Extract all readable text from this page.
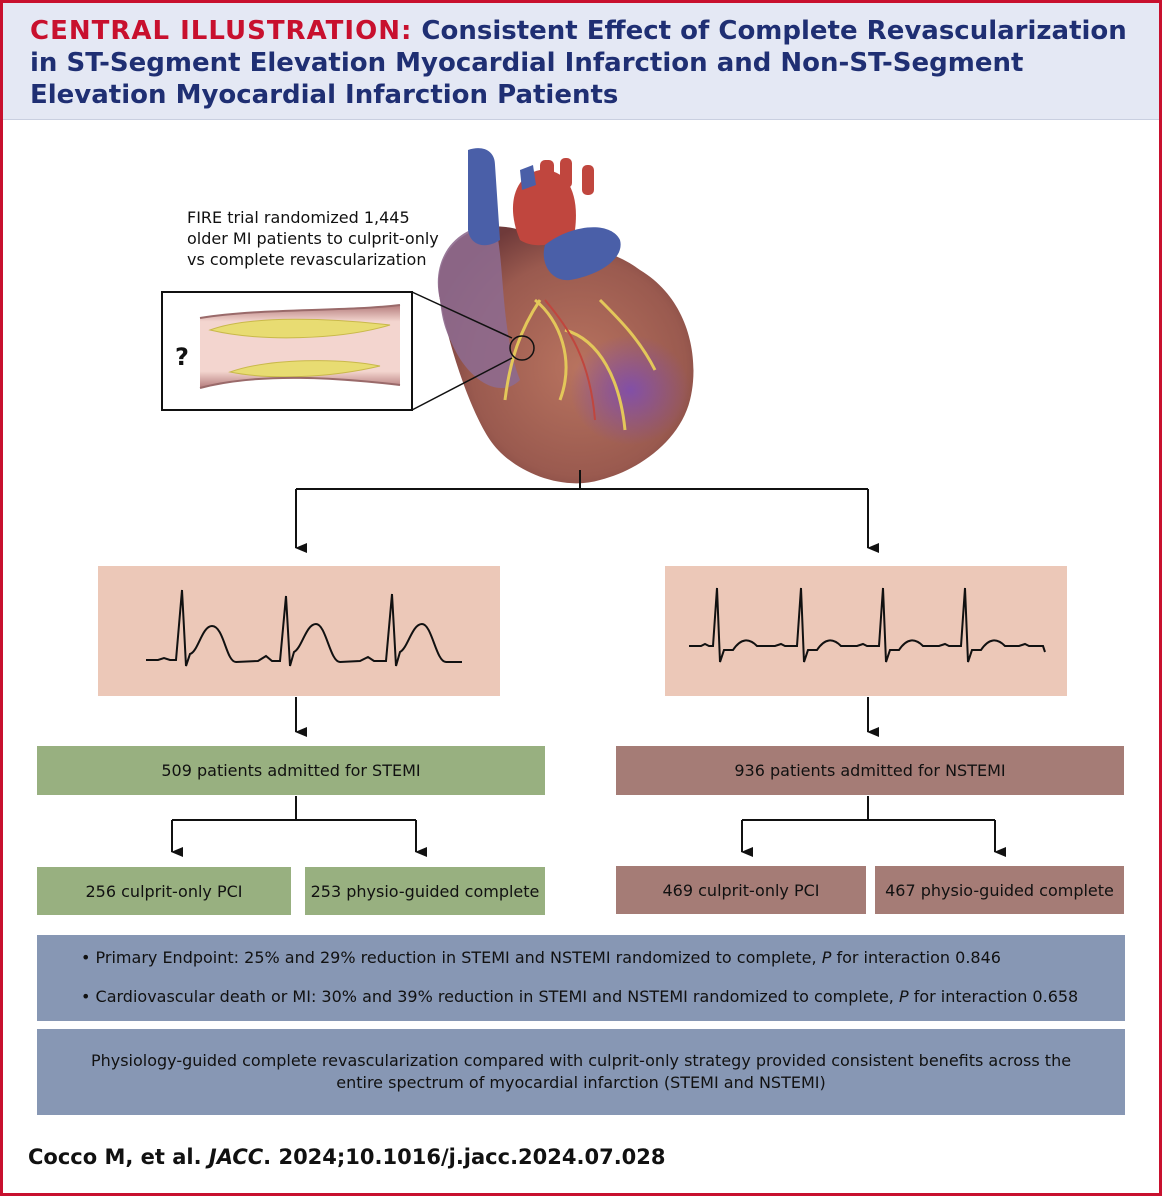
CENTRAL ILLUSTRATION: Consistent Effect of Complete Revascularization in ST-Segment Elevation Myocardial Infarction and Non-ST-Segment Elevation Myocardial Infarction Patients
?
FIRE trial randomized 1,445 older MI patients to culprit-only vs complete revascularization
509 patients admitted for STEMI	936 patients admitted for NSTEMI
256 culprit-only PCI	253 physio-guided complete	469 culprit-only PCI	467 physio-guided complete
• Primary Endpoint: 25% and 29% reduction in STEMI and NSTEMI randomized to complete, P for interaction 0.846
• Cardiovascular death or MI: 30% and 39% reduction in STEMI and NSTEMI randomized to complete, P for interaction 0.658
Physiology-guided complete revascularization compared with culprit-only strategy provided consistent benefits across the entire spectrum of myocardial infarction (STEMI and NSTEMI)
Cocco M, et al. JACC. 2024;10.1016/j.jacc.2024.07.028
